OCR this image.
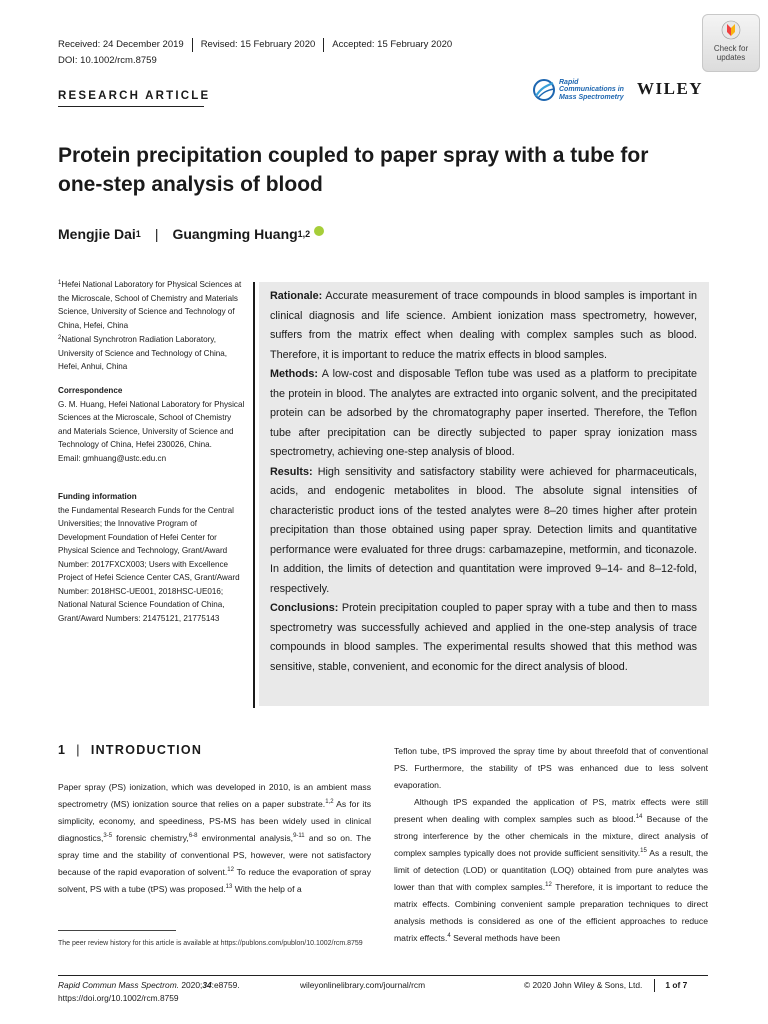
Received: 24 December 2019	Revised: 15 February 2020	Accepted: 15 February 2020
DOI: 10.1002/rcm.8759
RESEARCH ARTICLE
Check for
updates
Rapid
Communications in
Mass Spectrometry WILEY
Protein precipitation coupled to paper spray with a tube for one-step analysis of blood
Mengjie Dai 1 | Guangming Huang 1,2
$^1$Hefei National Laboratory for Physical Sciences at the Microscale, School of Chemistry and Materials Science, University of Science and Technology of China, Hefei, China
$^2$National Synchrotron Radiation Laboratory, University of Science and Technology of China, Hefei, Anhui, China
Correspondence
G. M. Huang, Hefei National Laboratory for Physical Sciences at the Microscale, School of Chemistry and Materials Science, University of Science and Technology of China, Hefei 230026, China.
Email: gmhuang@ustc.edu.cn
Funding information
the Fundamental Research Funds for the Central Universities; the Innovative Program of Development Foundation of Hefei Center for Physical Science and Technology, Grant/Award Number: 2017FXCX003; Users with Excellence Project of Hefei Science Center CAS, Grant/Award Number: 2018HSC-UE001, 2018HSC-UE016; National Natural Science Foundation of China, Grant/Award Numbers: 21475121, 21775143

Rationale: Accurate measurement of trace compounds in blood samples is important in clinical diagnosis and life science. Ambient ionization mass spectrometry, however, suffers from the matrix effect when dealing with complex samples such as blood. Therefore, it is important to reduce the matrix effects in blood samples.

Methods: A low-cost and disposable Teflon tube was used as a platform to precipitate the protein in blood. The analytes are extracted into organic solvent, and the precipitated protein can be adsorbed by the chromatography paper inserted. Therefore, the Teflon tube after precipitation can be directly subjected to paper spray ionization mass spectrometry, achieving one-step analysis of blood.

Results: High sensitivity and satisfactory stability were achieved for pharmaceuticals, acids, and endogenic metabolites in blood. The absolute signal intensities of characteristic product ions of the tested analytes were 8–20 times higher after protein precipitation than those obtained using paper spray. Detection limits and quantitative performance were evaluated for three drugs: carbamazepine, metformin, and ticonazole. In addition, the limits of detection and quantitation were improved 9–14- and 8–12-fold, respectively.

Conclusions: Protein precipitation coupled to paper spray with a tube and then to mass spectrometry was successfully achieved and applied in the one-step analysis of trace compounds in blood samples. The experimental results showed that this method was sensitive, stable, convenient, and economic for the direct analysis of blood.

1 | INTRODUCTION

Paper spray (PS) ionization, which was developed in 2010, is an ambient mass spectrometry (MS) ionization source that relies on a paper substrate.$^{1,2}$ As for its simplicity, economy, and speediness, PS-MS has been widely used in clinical diagnostics,$^{3-5}$ forensic chemistry,$^{6-8}$ environmental analysis,$^{9-11}$ and so on. The spray time and the stability of conventional PS, however, were not satisfactory because of the rapid evaporation of solvent.$^{12}$ To reduce the evaporation of spray solvent, PS with a tube (tPS) was proposed.$^{13}$ With the help of a

Teflon tube, tPS improved the spray time by about threefold that of conventional PS. Furthermore, the stability of tPS was enhanced due to less solvent evaporation.

Although tPS expanded the application of PS, matrix effects were still present when dealing with complex samples such as blood.$^{14}$ Because of the strong interference by the other chemicals in the mixture, direct analysis of complex samples typically does not provide sufficient sensitivity.$^{15}$ As a result, the limit of detection (LOD) or quantitation (LOQ) obtained from pure analytes was lower than that with complex samples.$^{12}$ Therefore, it is important to reduce the matrix effects. Combining convenient sample preparation techniques to direct analysis methods is considered as one of the efficient approaches to reduce matrix effects.$^4$ Several methods have been

The peer review history for this article is available at https://publons.com/publon/10.1002/rcm.8759
Rapid Commun Mass Spectrom. 2020;34:e8759.
https://doi.org/10.1002/rcm.8759
wileyonlinelibrary.com/journal/rcm	© 2020 John Wiley & Sons, Ltd.	1 of 7
